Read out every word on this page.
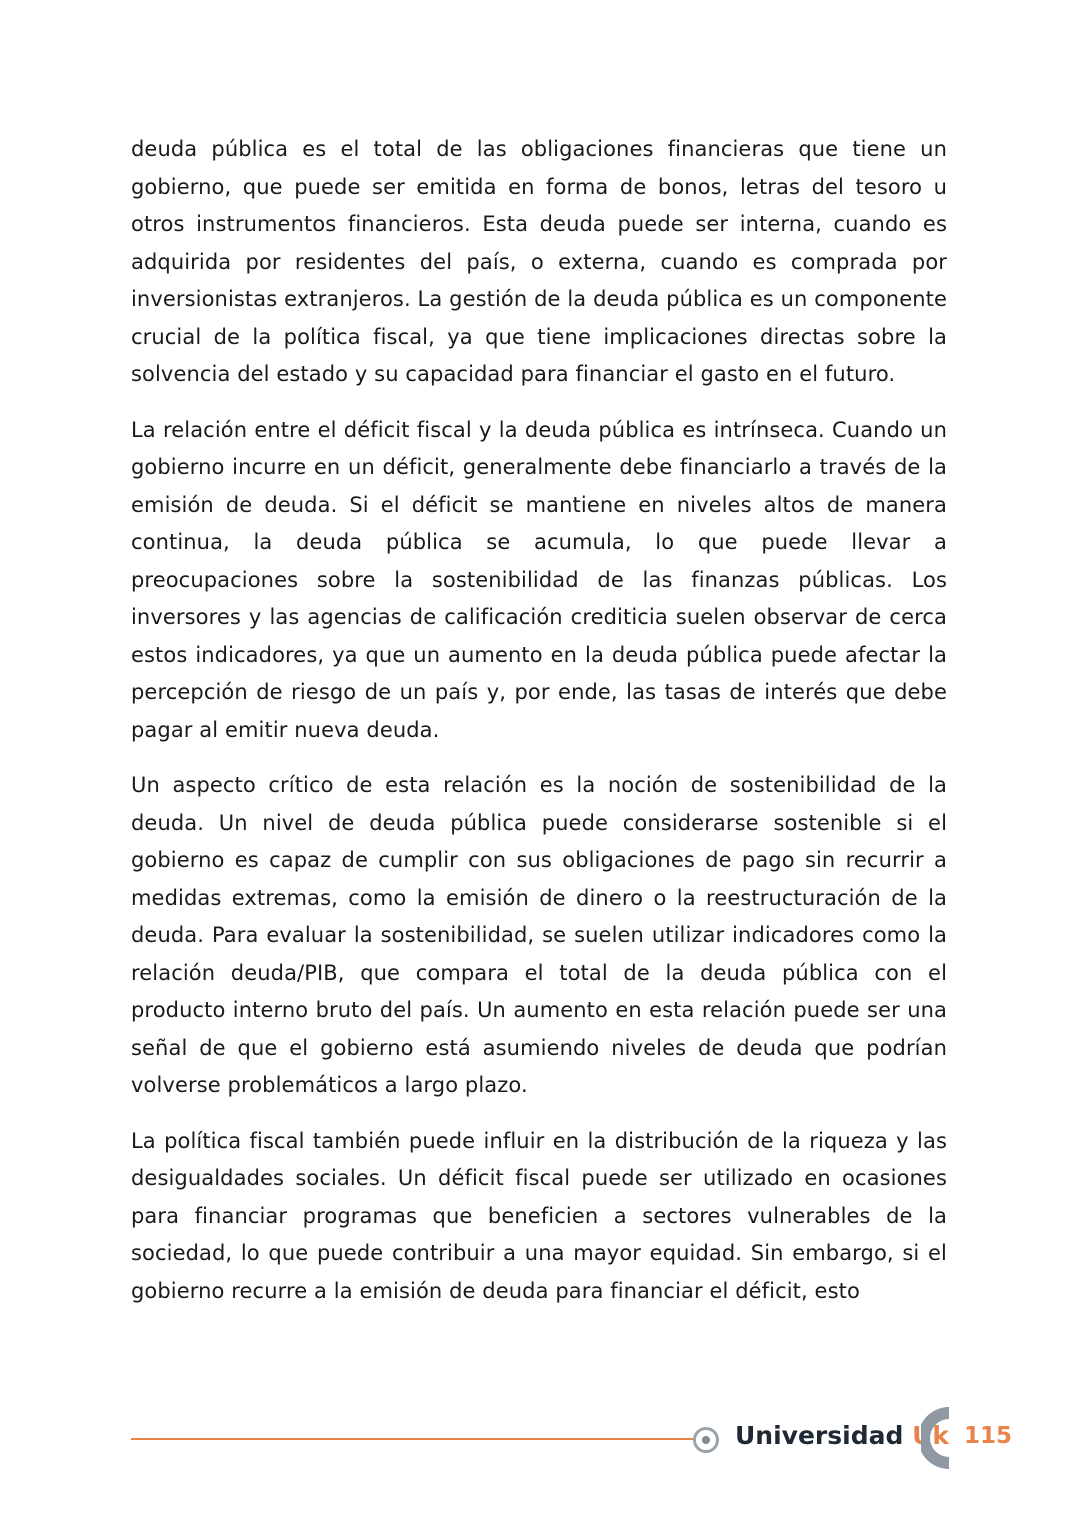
deuda pública es el total de las obligaciones financieras que tiene un gobierno, que puede ser emitida en forma de bonos, letras del tesoro u otros instrumentos financieros. Esta deuda puede ser interna, cuando es adquirida por residentes del país, o externa, cuando es comprada por inversionistas extranjeros. La gestión de la deuda pública es un componente crucial de la política fiscal, ya que tiene implicaciones directas sobre la solvencia del estado y su capacidad para financiar el gasto en el futuro.

La relación entre el déficit fiscal y la deuda pública es intrínseca. Cuando un gobierno incurre en un déficit, generalmente debe financiarlo a través de la emisión de deuda. Si el déficit se mantiene en niveles altos de manera continua, la deuda pública se acumula, lo que puede llevar a preocupaciones sobre la sostenibilidad de las finanzas públicas. Los inversores y las agencias de calificación crediticia suelen observar de cerca estos indicadores, ya que un aumento en la deuda pública puede afectar la percepción de riesgo de un país y, por ende, las tasas de interés que debe pagar al emitir nueva deuda.

Un aspecto crítico de esta relación es la noción de sostenibilidad de la deuda. Un nivel de deuda pública puede considerarse sostenible si el gobierno es capaz de cumplir con sus obligaciones de pago sin recurrir a medidas extremas, como la emisión de dinero o la reestructuración de la deuda. Para evaluar la sostenibilidad, se suelen utilizar indicadores como la relación deuda/PIB, que compara el total de la deuda pública con el producto interno bruto del país. Un aumento en esta relación puede ser una señal de que el gobierno está asumiendo niveles de deuda que podrían volverse problemáticos a largo plazo.

La política fiscal también puede influir en la distribución de la riqueza y las desigualdades sociales. Un déficit fiscal puede ser utilizado en ocasiones para financiar programas que beneficien a sectores vulnerables de la sociedad, lo que puede contribuir a una mayor equidad. Sin embargo, si el gobierno recurre a la emisión de deuda para financiar el déficit, esto

Universidad Uk 115
